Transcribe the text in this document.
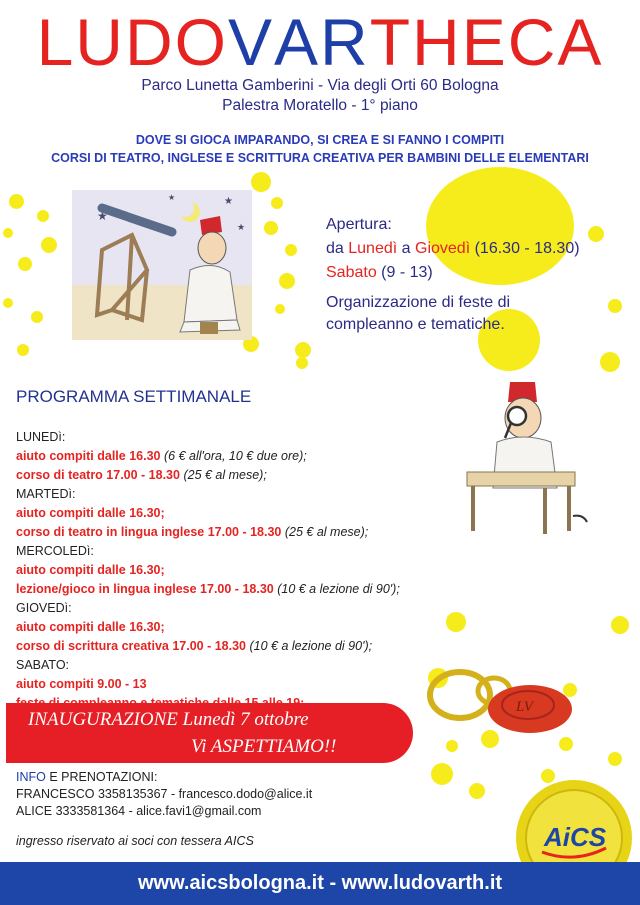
LUDOVARTHECA
Parco Lunetta Gamberini - Via degli Orti 60 Bologna
Palestra Moratello - 1° piano
DOVE SI GIOCA IMPARANDO, SI CREA E SI FANNO I COMPITI
CORSI DI TEATRO, INGLESE E SCRITTURA CREATIVA PER BAMBINI DELLE ELEMENTARI
★
★
★
★
Apertura:
da Lunedì a Giovedì (16.30 - 18.30)
Sabato (9 - 13)
Organizzazione di feste di
compleanno e tematiche.
PROGRAMMA SETTIMANALE
LUNEDì:
aiuto compiti dalle 16.30 (6 € all'ora, 10 € due ore);
corso di teatro 17.00 - 18.30 (25 € al mese);
MARTEDì:
aiuto compiti dalle 16.30;
corso di teatro in lingua inglese 17.00 - 18.30 (25 € al mese);
MERCOLEDì:
aiuto compiti dalle 16.30;
lezione/gioco in lingua inglese 17.00 - 18.30 (10 € a lezione di 90');
GIOVEDì:
aiuto compiti dalle 16.30;
corso di scrittura creativa 17.00 - 18.30 (10 € a lezione di 90');
SABATO:
aiuto compiti 9.00 - 13
LV
INAUGURAZIONE Lunedì 7 ottobre
Vi ASPETTIAMO!!
INFO E PRENOTAZIONI:
FRANCESCO 3358135367 - francesco.dodo@alice.it
ALICE 3333581364 - alice.favi1@gmail.com
ingresso riservato ai soci con tessera AICS	AiCS
www.aicsbologna.it - www.ludovarth.it
